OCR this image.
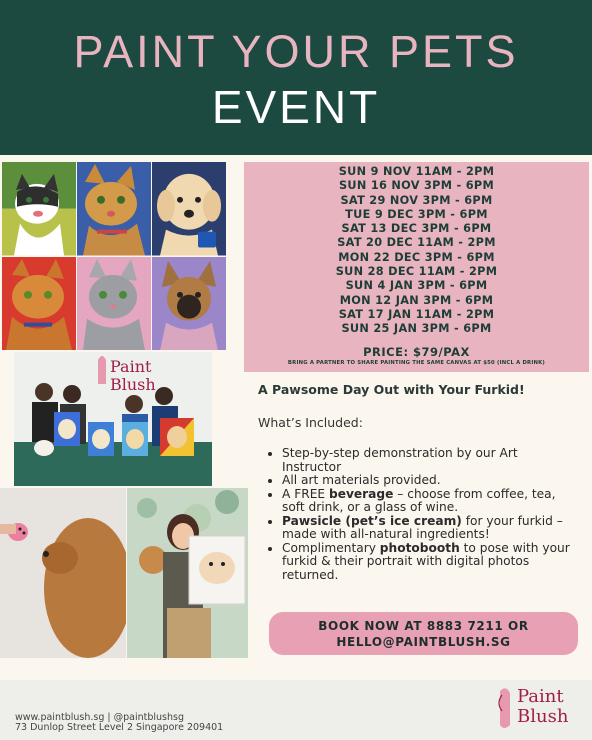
PAINT YOUR PETS
EVENT
SUN 9 NOV 11AM - 2PM
SUN 16 NOV 3PM - 6PM
SAT 29 NOV 3PM - 6PM
TUE 9 DEC 3PM - 6PM
SAT 13 DEC 3PM - 6PM
SAT 20 DEC 11AM - 2PM
MON 22 DEC 3PM - 6PM
SUN 28 DEC 11AM - 2PM
SUN 4 JAN 3PM - 6PM
MON 12 JAN 3PM - 6PM
SAT 17 JAN 11AM - 2PM
SUN 25 JAN 3PM - 6PM
PRICE: $79/PAX
BRING A PARTNER TO SHARE PAINTING THE SAME CANVAS AT $50 (INCL A DRINK)
Paint
Blush	A Pawsome Day Out with Your Furkid!
What’s Included:
• Step-by-step demonstration by our Art Instructor
• All art materials provided.
• A FREE beverage – choose from coffee, tea, soft drink, or a glass of wine.
• Pawsicle (pet’s ice cream) for your furkid – made with all-natural ingredients!
• Complimentary photobooth to pose with your furkid & their portrait with digital photos returned.
BOOK NOW AT 8883 7211 OR
HELLO@PAINTBLUSH.SG
www.paintblush.sg | @paintblushsg
73 Dunlop Street Level 2 Singapore 209401
Paint
Blush
